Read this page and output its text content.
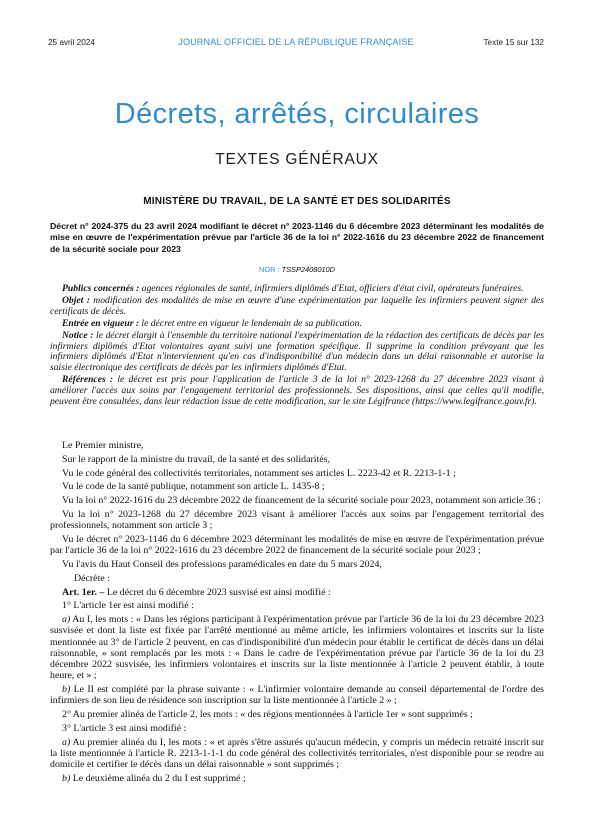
25 avril 2024	JOURNAL OFFICIEL DE LA RÉPUBLIQUE FRANÇAISE	Texte 15 sur 132
Décrets, arrêtés, circulaires
TEXTES GÉNÉRAUX
MINISTÈRE DU TRAVAIL, DE LA SANTÉ ET DES SOLIDARITÉS
Décret n° 2024-375 du 23 avril 2024 modifiant le décret n° 2023-1146 du 6 décembre 2023 déterminant les modalités de mise en œuvre de l'expérimentation prévue par l'article 36 de la loi n° 2022-1616 du 23 décembre 2022 de financement de la sécurité sociale pour 2023
NOR : TSSP2408010D

Publics concernés : agences régionales de santé, infirmiers diplômés d'Etat, officiers d'état civil, opérateurs funéraires.

Objet : modification des modalités de mise en œuvre d'une expérimentation par laquelle les infirmiers peuvent signer des certificats de décès.

Entrée en vigueur : le décret entre en vigueur le lendemain de sa publication.

Notice : le décret élargit à l'ensemble du territoire national l'expérimentation de la rédaction des certificats de décès par les infirmiers diplômés d'Etat volontaires ayant suivi une formation spécifique. Il supprime la condition prévoyant que les infirmiers diplômés d'Etat n'interviennent qu'en cas d'indisponibilité d'un médecin dans un délai raisonnable et autorise la saisie électronique des certificats de décès par les infirmiers diplômés d'Etat.

Références : le décret est pris pour l'application de l'article 3 de la loi n° 2023-1268 du 27 décembre 2023 visant à améliorer l'accès aux soins par l'engagement territorial des professionnels. Ses dispositions, ainsi que celles qu'il modifie, peuvent être consultées, dans leur rédaction issue de cette modification, sur le site Légifrance (https://www.legifrance.gouv.fr).

Le Premier ministre,

Sur le rapport de la ministre du travail, de la santé et des solidarités,

Vu le code général des collectivités territoriales, notamment ses articles L. 2223-42 et R. 2213-1-1 ;

Vu le code de la santé publique, notamment son article L. 1435-8 ;

Vu la loi n° 2022-1616 du 23 décembre 2022 de financement de la sécurité sociale pour 2023, notamment son article 36 ;

Vu la loi n° 2023-1268 du 27 décembre 2023 visant à améliorer l'accès aux soins par l'engagement territorial des professionnels, notamment son article 3 ;

Vu le décret n° 2023-1146 du 6 décembre 2023 déterminant les modalités de mise en œuvre de l'expérimentation prévue par l'article 36 de la loi n° 2022-1616 du 23 décembre 2022 de financement de la sécurité sociale pour 2023 ;

Vu l'avis du Haut Conseil des professions paramédicales en date du 5 mars 2024,

Décrète :

Art. 1er. – Le décret du 6 décembre 2023 susvisé est ainsi modifié :

1° L'article 1er est ainsi modifié :

a) Au I, les mots : « Dans les régions participant à l'expérimentation prévue par l'article 36 de la loi du 23 décembre 2023 susvisée et dont la liste est fixée par l'arrêté mentionné au même article, les infirmiers volontaires et inscrits sur la liste mentionnée au 3° de l'article 2 peuvent, en cas d'indisponibilité d'un médecin pour établir le certificat de décès dans un délai raisonnable, » sont remplacés par les mots : « Dans le cadre de l'expérimentation prévue par l'article 36 de la loi du 23 décembre 2022 susvisée, les infirmiers volontaires et inscrits sur la liste mentionnée à l'article 2 peuvent établir, à toute heure, et » ;

b) Le II est complété par la phrase suivante : « L'infirmier volontaire demande au conseil départemental de l'ordre des infirmiers de son lieu de résidence son inscription sur la liste mentionnée à l'article 2 » ;

2° Au premier alinéa de l'article 2, les mots : « des régions mentionnées à l'article 1er » sont supprimés ;

3° L'article 3 est ainsi modifié :

a) Au premier alinéa du I, les mots : « et après s'être assurés qu'aucun médecin, y compris un médecin retraité inscrit sur la liste mentionnée à l'article R. 2213-1-1-1 du code général des collectivités territoriales, n'est disponible pour se rendre au domicile et certifier le décès dans un délai raisonnable » sont supprimés ;

b) Le deuxième alinéa du 2 du I est supprimé ;
